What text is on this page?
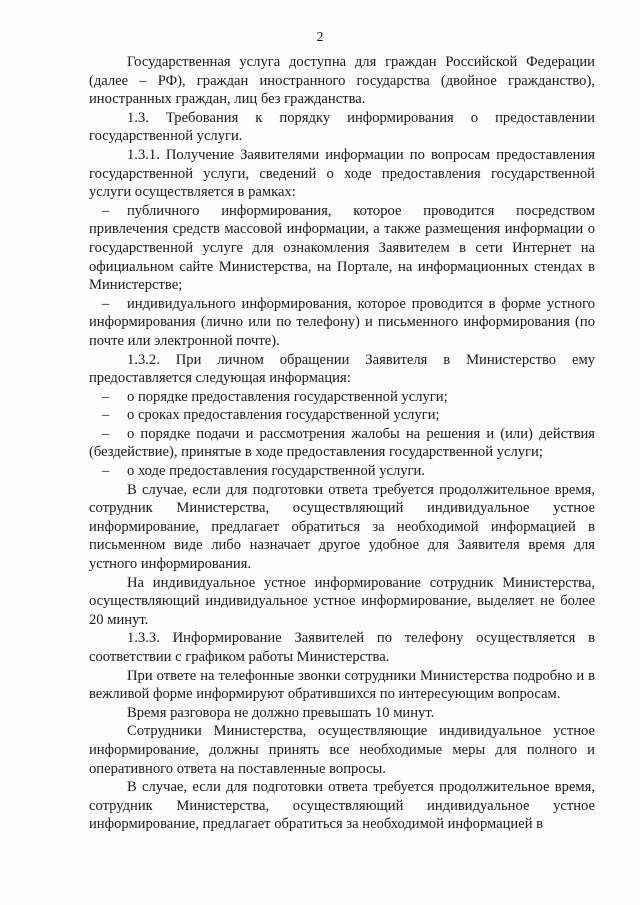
2

Государственная услуга доступна для граждан Российской Федерации (далее – РФ), граждан иностранного государства (двойное гражданство), иностранных граждан, лиц без гражданства.

1.3. Требования к порядку информирования о предоставлении государственной услуги.

1.3.1. Получение Заявителями информации по вопросам предоставления государственной услуги, сведений о ходе предоставления государственной услуги осуществляется в рамках:

– публичного информирования, которое проводится посредством привлечения средств массовой информации, а также размещения информации о государственной услуге для ознакомления Заявителем в сети Интернет на официальном сайте Министерства, на Портале, на информационных стендах в Министерстве;

– индивидуального информирования, которое проводится в форме устного информирования (лично или по телефону) и письменного информирования (по почте или электронной почте).

1.3.2. При личном обращении Заявителя в Министерство ему предоставляется следующая информация:

– о порядке предоставления государственной услуги;

– о сроках предоставления государственной услуги;

– о порядке подачи и рассмотрения жалобы на решения и (или) действия (бездействие), принятые в ходе предоставления государственной услуги;

– о ходе предоставления государственной услуги.

В случае, если для подготовки ответа требуется продолжительное время, сотрудник Министерства, осуществляющий индивидуальное устное информирование, предлагает обратиться за необходимой информацией в письменном виде либо назначает другое удобное для Заявителя время для устного информирования.

На индивидуальное устное информирование сотрудник Министерства, осуществляющий индивидуальное устное информирование, выделяет не более 20 минут.

1.3.3. Информирование Заявителей по телефону осуществляется в соответствии с графиком работы Министерства.

При ответе на телефонные звонки сотрудники Министерства подробно и в вежливой форме информируют обратившихся по интересующим вопросам.

Время разговора не должно превышать 10 минут.

Сотрудники Министерства, осуществляющие индивидуальное устное информирование, должны принять все необходимые меры для полного и оперативного ответа на поставленные вопросы.

В случае, если для подготовки ответа требуется продолжительное время, сотрудник Министерства, осуществляющий индивидуальное устное информирование, предлагает обратиться за необходимой информацией в
